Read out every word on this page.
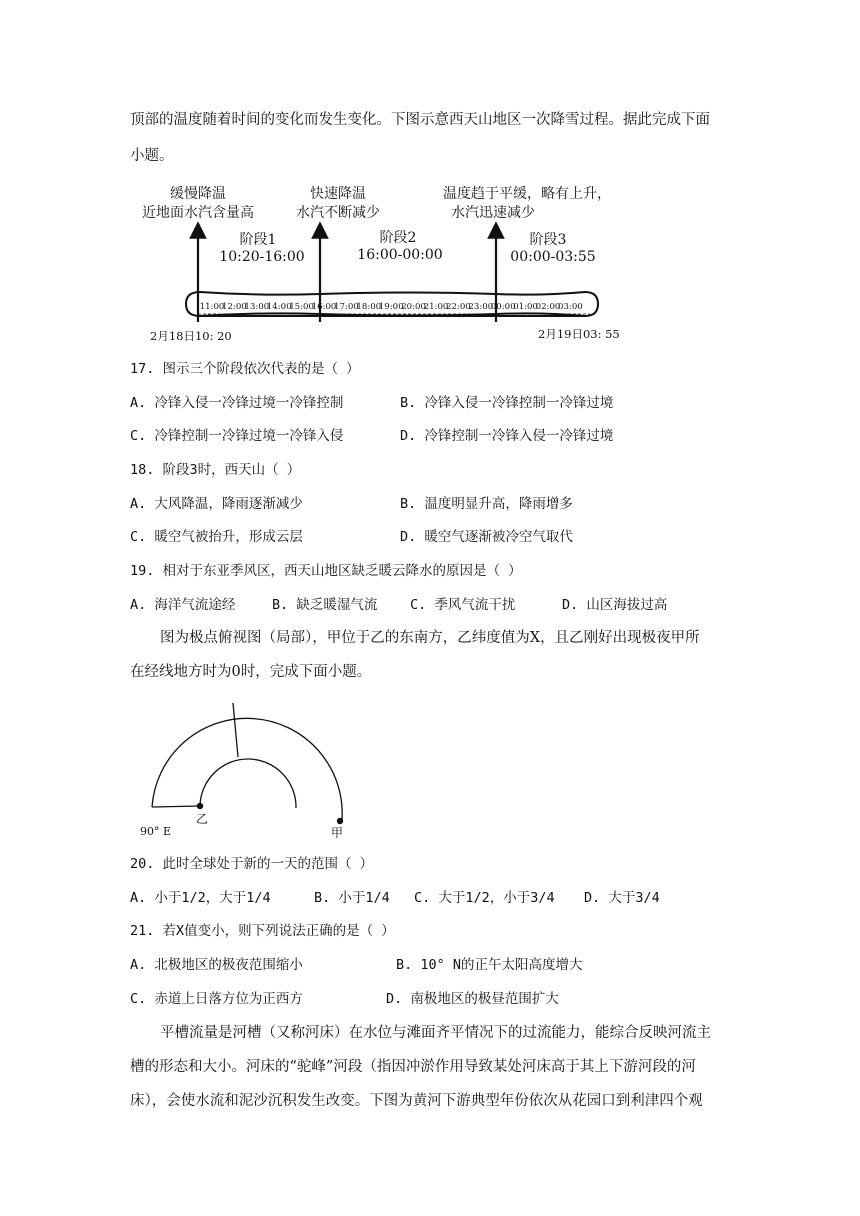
顶部的温度随着时间的变化而发生变化。下图示意西天山地区一次降雪过程。据此完成下面
小题。
缓慢降温
近地面水汽含量高
快速降温
水汽不断减少
温度趋于平缓，略有上升，
水汽迅速减少
阶段1
10:20-16:00
阶段2
16:00-00:00
阶段3
00:00-03:55
11:00
12:00
13:00
14:00
15:00
16:00
17:00
18:00
19:00
20:00
21:00
22:00
23:00
00:00
01:00
02:00
03:00
2月18日10: 20	2月19日03: 55
17. 图示三个阶段依次代表的是（ ）
A. 冷锋入侵一冷锋过境一冷锋控制	B. 冷锋入侵一冷锋控制一冷锋过境
C. 冷锋控制一冷锋过境一冷锋入侵	D. 冷锋控制一冷锋入侵一冷锋过境
18. 阶段3时，西天山（ ）
A. 大风降温，降雨逐渐减少	B. 温度明显升高，降雨增多
C. 暖空气被抬升，形成云层	D. 暖空气逐渐被冷空气取代
19. 相对于东亚季风区，西天山地区缺乏暖云降水的原因是（ ）
A. 海洋气流途经	B. 缺乏暖湿气流 C. 季风气流干扰	D. 山区海拔过高
图为极点俯视图（局部），甲位于乙的东南方，乙纬度值为X，且乙刚好出现极夜甲所
在经线地方时为0时，完成下面小题。
90° E
乙
甲
20. 此时全球处于新的一天的范围（ ）
A. 小于1/2，大于1/4	B. 小于1/4 C. 大于1/2，小于3/4 D. 大于3/4
21. 若X值变小，则下列说法正确的是（ ）
A. 北极地区的极夜范围缩小	B. 10° N的正午太阳高度增大
C. 赤道上日落方位为正西方	D. 南极地区的极昼范围扩大
平槽流量是河槽（又称河床）在水位与滩面齐平情况下的过流能力，能综合反映河流主
槽的形态和大小。河床的“驼峰”河段（指因冲淤作用导致某处河床高于其上下游河段的河
床），会使水流和泥沙沉积发生改变。下图为黄河下游典型年份依次从花园口到利津四个观
